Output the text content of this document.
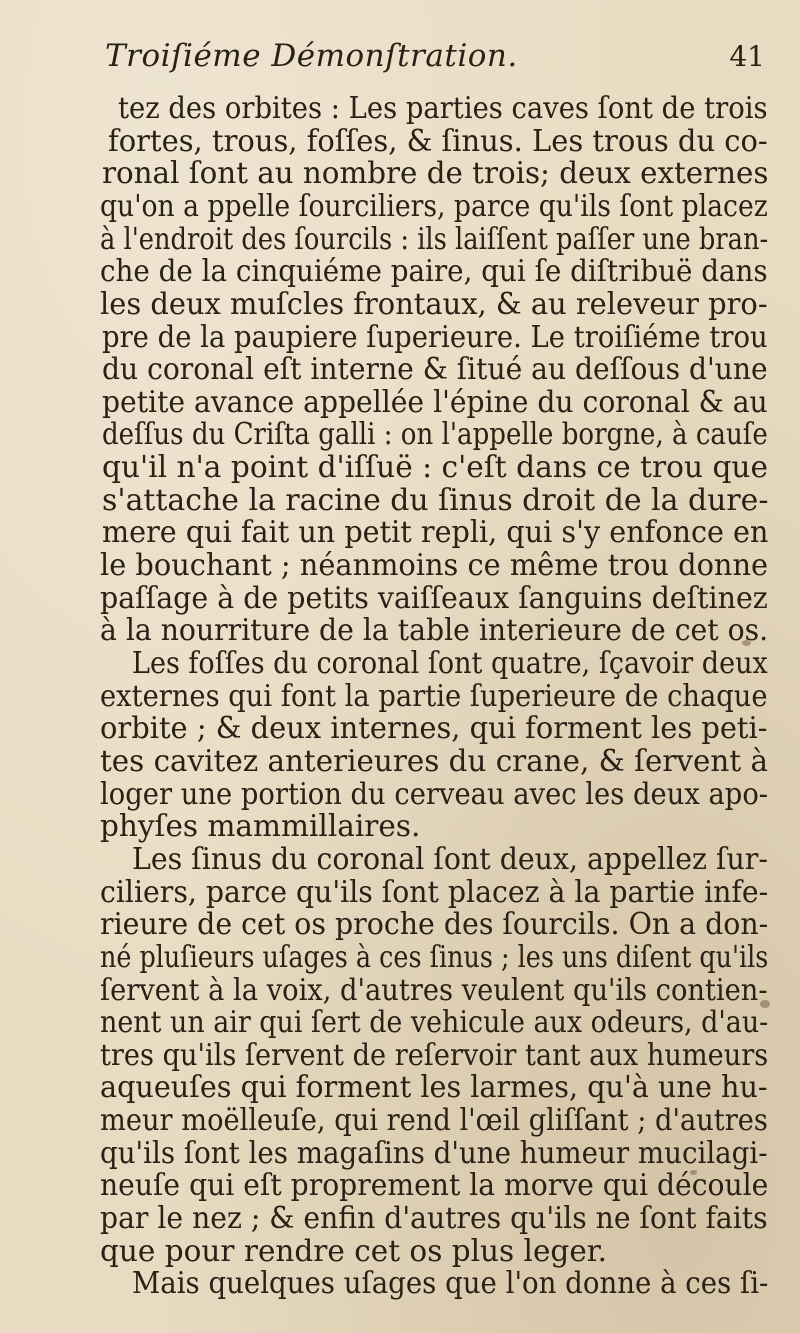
Troiſiéme Démonſtration.	41
tez des orbites : Les parties caves ſont de trois
fortes, trous, foſſes, & ſinus. Les trous du co-
ronal ſont au nombre de trois; deux externes
qu'on a ppelle ſourciliers, parce qu'ils ſont placez
à l'endroit des ſourcils : ils laiſſent paſſer une bran-
che de la cinquiéme paire, qui ſe diſtribuë dans
les deux muſcles frontaux, & au releveur pro-
pre de la paupiere ſuperieure. Le troiſiéme trou
du coronal eſt interne & ſitué au deſſous d'une
petite avance appellée l'épine du coronal & au
deſſus du Criſta galli : on l'appelle borgne, à cauſe
qu'il n'a point d'iſſuë : c'eſt dans ce trou que
s'attache la racine du ſinus droit de la dure-
mere qui fait un petit repli, qui s'y enfonce en
le bouchant ; néanmoins ce même trou donne
paſſage à de petits vaiſſeaux ſanguins deſtinez
à la nourriture de la table interieure de cet os.
Les foſſes du coronal ſont quatre, ſçavoir deux
externes qui font la partie ſuperieure de chaque
orbite ; & deux internes, qui forment les peti-
tes cavitez anterieures du crane, & ſervent à
loger une portion du cerveau avec les deux apo-
phyſes mammillaires.
Les ſinus du coronal ſont deux, appellez ſur-
ciliers, parce qu'ils ſont placez à la partie infe-
rieure de cet os proche des ſourcils. On a don-
né pluſieurs uſages à ces ſinus ; les uns diſent qu'ils
ſervent à la voix, d'autres veulent qu'ils contien-
nent un air qui ſert de vehicule aux odeurs, d'au-
tres qu'ils ſervent de reſervoir tant aux humeurs
aqueuſes qui forment les larmes, qu'à une hu-
meur moëlleuſe, qui rend l'œil gliſſant ; d'autres
qu'ils ſont les magaſins d'une humeur mucilagi-
neuſe qui eſt proprement la morve qui découle
par le nez ; & enfin d'autres qu'ils ne ſont faits
que pour rendre cet os plus leger.
Mais quelques uſages que l'on donne à ces ſi-
